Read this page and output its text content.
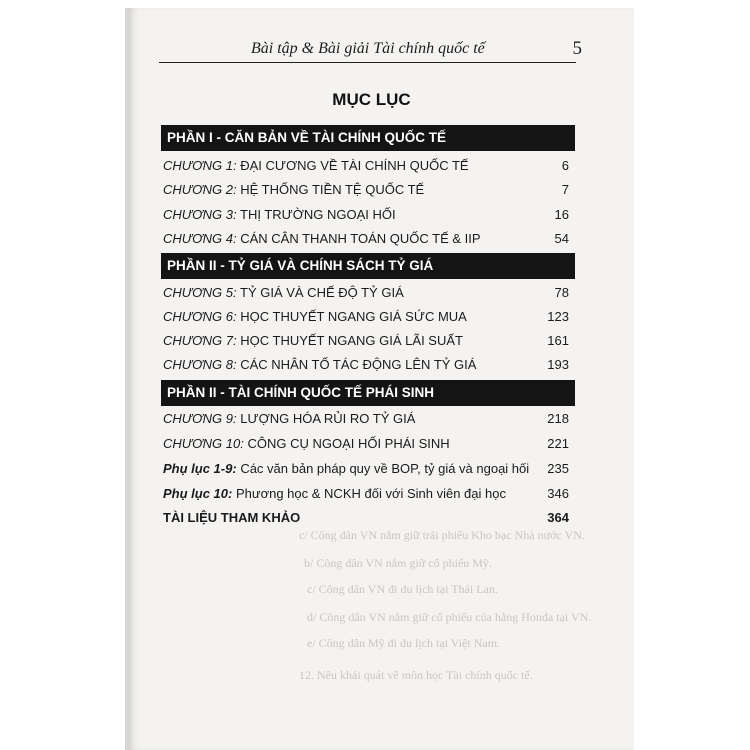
c/ Công dân VN nắm giữ trái phiếu Kho bạc Nhà nước VN.
b/ Công dân VN nắm giữ cổ phiếu Mỹ.
c/ Công dân VN đi du lịch tại Thái Lan.
d/ Công dân VN nắm giữ cổ phiếu của hãng Honda tại VN.
e/ Công dân Mỹ đi du lịch tại Việt Nam.
12. Nêu khái quát về môn học Tài chính quốc tế.
Bài tập & Bài giải Tài chính quốc tế	5
MỤC LỤC
PHẦN I - CĂN BẢN VỀ TÀI CHÍNH QUỐC TẾ
CHƯƠNG 1: ĐẠI CƯƠNG VỀ TÀI CHÍNH QUỐC TẾ	6
CHƯƠNG 2: HỆ THỐNG TIỀN TỆ QUỐC TẾ	7
CHƯƠNG 3: THỊ TRƯỜNG NGOẠI HỐI	16
CHƯƠNG 4: CÁN CÂN THANH TOÁN QUỐC TẾ & IIP	54
PHẦN II - TỶ GIÁ VÀ CHÍNH SÁCH TỶ GIÁ
CHƯƠNG 5: TỶ GIÁ VÀ CHẾ ĐỘ TỶ GIÁ	78
CHƯƠNG 6: HỌC THUYẾT NGANG GIÁ SỨC MUA	123
CHƯƠNG 7: HỌC THUYẾT NGANG GIÁ LÃI SUẤT	161
CHƯƠNG 8: CÁC NHÂN TỐ TÁC ĐỘNG LÊN TỶ GIÁ	193
PHẦN II - TÀI CHÍNH QUỐC TẾ PHÁI SINH
CHƯƠNG 9: LƯỢNG HÓA RỦI RO TỶ GIÁ	218
CHƯƠNG 10: CÔNG CỤ NGOẠI HỐI PHÁI SINH	221
Phụ lục 1-9: Các văn bản pháp quy về BOP, tỷ giá và ngoại hối 235
Phụ lục 10: Phương học & NCKH đối với Sinh viên đại học	346
TÀI LIỆU THAM KHẢO	364
